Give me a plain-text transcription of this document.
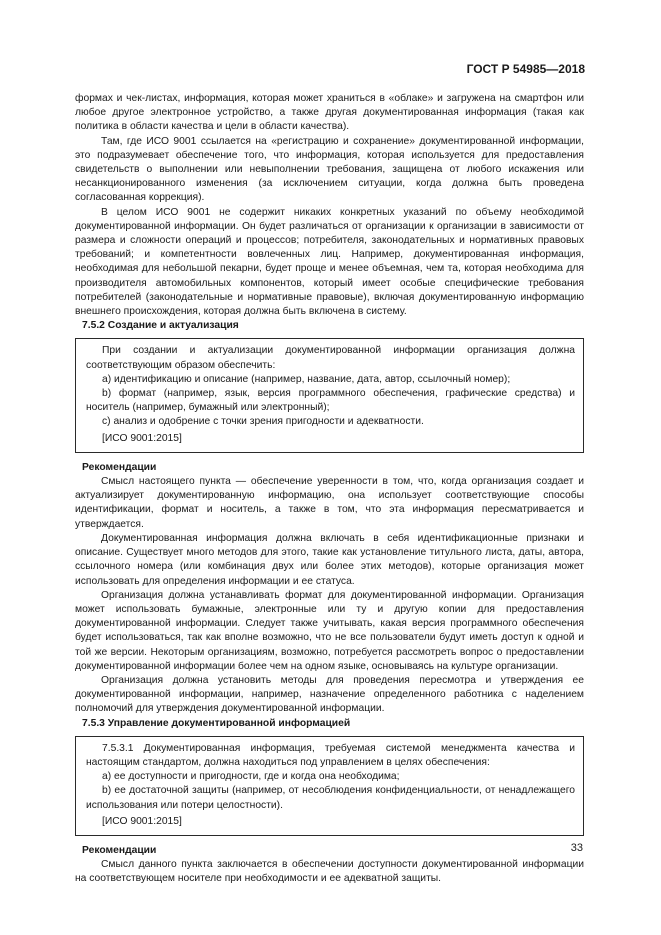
ГОСТ Р 54985—2018

формах и чек-листах, информация, которая может храниться в «облаке» и загружена на смартфон или любое другое электронное устройство, а также другая документированная информация (такая как политика в области качества и цели в области качества).

Там, где ИСО 9001 ссылается на «регистрацию и сохранение» документированной информации, это подразумевает обеспечение того, что информация, которая используется для предоставления свидетельств о выполнении или невыполнении требования, защищена от любого искажения или несанкционированного изменения (за исключением ситуации, когда должна быть проведена согласованная коррекция).

В целом ИСО 9001 не содержит никаких конкретных указаний по объему необходимой документированной информации. Он будет различаться от организации к организации в зависимости от размера и сложности операций и процессов; потребителя, законодательных и нормативных правовых требований; и компетентности вовлеченных лиц. Например, документированная информация, необходимая для небольшой пекарни, будет проще и менее объемная, чем та, которая необходима для производителя автомобильных компонентов, который имеет особые специфические требования потребителей (законодательные и нормативные правовые), включая документированную информацию внешнего происхождения, которая должна быть включена в систему.

7.5.2 Создание и актуализация

При создании и актуализации документированной информации организация должна соответствующим образом обеспечить:

а) идентификацию и описание (например, название, дата, автор, ссылочный номер);

b) формат (например, язык, версия программного обеспечения, графические средства) и носитель (например, бумажный или электронный);

c) анализ и одобрение с точки зрения пригодности и адекватности.

[ИСО 9001:2015]

Рекомендации

Смысл настоящего пункта — обеспечение уверенности в том, что, когда организация создает и актуализирует документированную информацию, она использует соответствующие способы идентификации, формат и носитель, а также в том, что эта информация пересматривается и утверждается.

Документированная информация должна включать в себя идентификационные признаки и описание. Существует много методов для этого, такие как установление титульного листа, даты, автора, ссылочного номера (или комбинация двух или более этих методов), которые организация может использовать для определения информации и ее статуса.

Организация должна устанавливать формат для документированной информации. Организация может использовать бумажные, электронные или ту и другую копии для предоставления документированной информации. Следует также учитывать, какая версия программного обеспечения будет использоваться, так как вполне возможно, что не все пользователи будут иметь доступ к одной и той же версии. Некоторым организациям, возможно, потребуется рассмотреть вопрос о предоставлении документированной информации более чем на одном языке, основываясь на культуре организации.

Организация должна установить методы для проведения пересмотра и утверждения ее документированной информации, например, назначение определенного работника с наделением полномочий для утверждения документированной информации.

7.5.3 Управление документированной информацией

7.5.3.1 Документированная информация, требуемая системой менеджмента качества и настоящим стандартом, должна находиться под управлением в целях обеспечения:

а) ее доступности и пригодности, где и когда она необходима;

b) ее достаточной защиты (например, от несоблюдения конфиденциальности, от ненадлежащего использования или потери целостности).

[ИСО 9001:2015]

Рекомендации

Смысл данного пункта заключается в обеспечении доступности документированной информации на соответствующем носителе при необходимости и ее адекватной защиты.

33
